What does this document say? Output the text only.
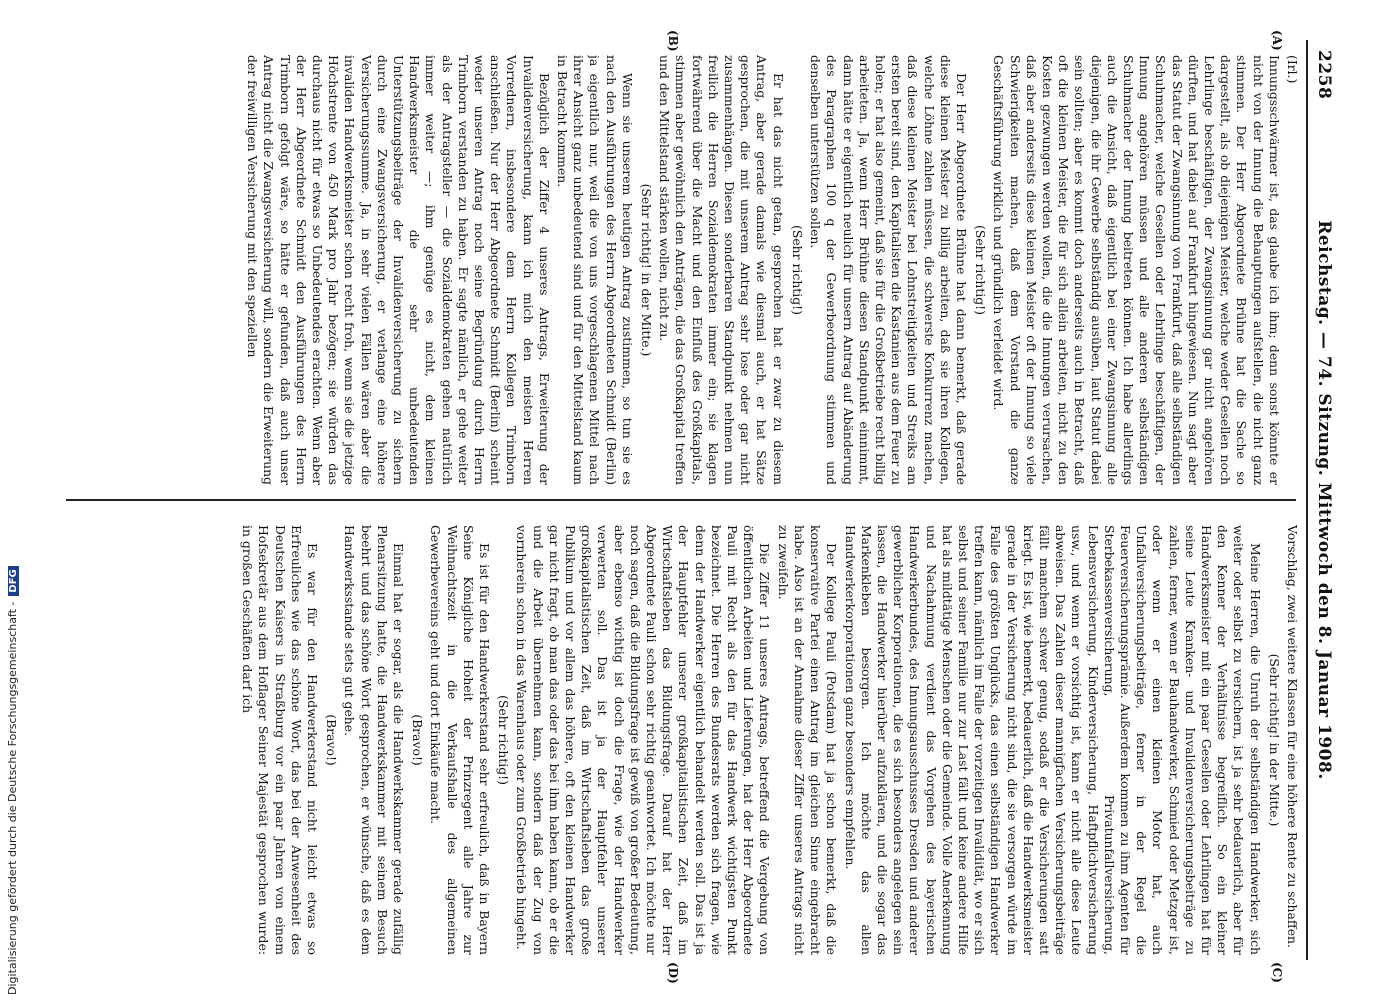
2258
Reichstag. — 74. Sitzung. Mittwoch den 8. Januar 1908.
(A)
(B)
(C)
(D)

(Irl.)

Innungsschwärmer ist, das glaube ich ihm; denn sonst könnte er nicht von der Innung die Behauptungen aufstellen, die nicht ganz stimmen. Der Herr Abgeordnete Brühne hat die Sache so dargestellt, als ob diejenigen Meister, welche weder Gesellen noch Lehrlinge beschäftigen, der Zwangsinnung gar nicht angehören dürften, und hat dabei auf Frankfurt hingewiesen. Nun sagt aber das Statut der Zwangsinnung von Frankfurt, daß alle selbständigen Schuhmacher, welche Gesellen oder Lehrlinge beschäftigen, der Innung angehören müssen und alle anderen selbständigen Schuhmacher der Innung beitreten können. Ich habe allerdings auch die Ansicht, daß eigentlich bei einer Zwangsinnung alle diejenigen, die ihr Gewerbe selbständig ausüben, laut Statut dabei sein sollten; aber es kommt doch anderseits auch in Betracht, daß oft die kleinen Meister, die für sich allein arbeiten, nicht zu den Kosten gezwungen werden wollen, die die Innungen verursachen, daß aber anderseits diese kleinen Meister oft der Innung so viele Schwierigkeiten machen, daß dem Vorstand die ganze Geschäftsführung wirklich und gründlich verleidet wird.

(Sehr richtig!)

Der Herr Abgeordnete Brühne hat dann bemerkt, daß gerade diese kleinen Meister zu billig arbeiten, daß sie ihren Kollegen, welche Löhne zahlen müssen, die schwerste Konkurrenz machen, daß diese kleinen Meister bei Lohnstreitigkeiten und Streiks am ersten bereit sind, den Kapitalisten die Kastanien aus dem Feuer zu holen; er hat also gemeint, daß sie für die Großbetriebe recht billig arbeiteten. Ja, wenn Herr Brühne diesen Standpunkt einnimmt, dann hätte er eigentlich neulich für unsern Antrag auf Abänderung des Paragraphen 100 q der Gewerbeordnung stimmen und denselben unterstützen sollen.

(Sehr richtig!)

Er hat das nicht getan, gesprochen hat er zwar zu diesem Antrag, aber gerade damals wie diesmal auch, er hat Sätze gesprochen, die mit unserem Antrag sehr lose oder gar nicht zusammenhängen. Diesen sonderbaren Standpunkt nehmen nun freilich die Herren Sozialdemokraten immer ein; sie klagen fortwährend über die Macht und den Einfluß des Großkapitals, stimmen aber gewöhnlich den Anträgen, die das Großkapital treffen und den Mittelstand stärken wollen, nicht zu.

(Sehr richtig! in der Mitte.)

Wenn sie unserem heutigen Antrag zustimmen, so tun sie es nach den Ausführungen des Herrn Abgeordneten Schmidt (Berlin) ja eigentlich nur, weil die von uns vorgeschlagenen Mittel nach ihrer Ansicht ganz unbedeutend sind und für den Mittelstand kaum in Betracht kommen.

Bezüglich der Ziffer 4 unseres Antrags, Erweiterung der Invalidenversicherung, kann ich mich den meisten Herren Vorrednern, insbesondere dem Herrn Kollegen Trimborn anschließen. Nur der Herr Abgeordnete Schmidt (Berlin) scheint weder unseren Antrag noch seine Begründung durch Herrn Trimborn verstanden zu haben. Er sagte nämlich, er gehe weiter als der Antragsteller — die Sozialdemokraten gehen natürlich immer weiter —; ihm genüge es nicht, dem kleinen Handwerksmeister die sehr unbedeutenden Unterstützungsbeiträge der Invalidenversicherung zu sichern durch eine Zwangsversicherung, er verlange eine höhere Versicherungssumme. Ja, in sehr vielen Fällen wären aber die invaliden Handwerksmeister schon recht froh, wenn sie die jetzige Höchstrente von 450 Mark pro Jahr bezögen; sie würden das durchaus nicht für etwas so Unbedeutendes erachten. Wenn aber der Herr Abgeordnete Schmidt den Ausführungen des Herrn Trimborn gefolgt wäre, so hätte er gefunden, daß auch unser Antrag nicht die Zwangsversicherung will, sondern die Erweiterung der freiwilligen Versicherung mit den speziellen

Vorschlag, zwei weitere Klassen für eine höhere Rente zu schaffen.

(Sehr richtig! in der Mitte.)

Meine Herren, die Unruh der selbständigen Handwerker, sich weiter oder selbst zu versichern, ist ja sehr bedauerlich, aber für den Kenner der Verhältnisse begreiflich. So ein kleiner Handwerksmeister mit ein paar Gesellen oder Lehrlingen hat für seine Leute Kranken- und Invalidenversicherungsbeiträge zu zahlen, ferner, wenn er Bauhandwerker, Schmied oder Metzger ist, oder wenn er einen kleinen Motor hat, auch Unfallversicherungsbeiträge, ferner in der Regel die Feuerversicherungsprämie. Außerdem kommen zu ihm Agenten für Sterbekassenversicherung, Privatunfallversicherung, Lebensversicherung, Kinderversicherung, Haftpflichtversicherung usw., und wenn er vorsichtig ist, kann er nicht alle diese Leute abweisen. Das Zahlen dieser mannigfachen Versicherungsbeiträge fällt manchem schwer genug, sodaß er die Versicherungen satt kriegt. Es ist, wie bemerkt, bedauerlich, daß die Handwerksmeister gerade in der Versicherung nicht sind, die sie versorgen würde im Falle des größten Unglücks, das einen selbständigen Handwerker treffen kann, nämlich im Falle der vorzeitigen Invalidität, wo er sich selbst und seiner Familie nur zur Last fällt und keine andere Hilfe hat als mildtätige Menschen oder die Gemeinde. Volle Anerkennung und Nachahmung verdient das Vorgehen des bayerischen Handwerkerbundes, des Innungsausschusses Dresden und anderer gewerblicher Korporationen, die es sich besonders angelegen sein lassen, die Handwerker hierüber aufzuklären, und die sogar das Markenkleben besorgen. Ich möchte das allen Handwerkerkorporationen ganz besonders empfehlen.

Der Kollege Pauli (Potsdam) hat ja schon bemerkt, daß die konservative Partei einen Antrag im gleichen Sinne eingebracht habe. Also ist an der Annahme dieser Ziffer unseres Antrags nicht zu zweifeln.

Die Ziffer 11 unseres Antrags, betreffend die Vergebung von öffentlichen Arbeiten und Lieferungen, hat der Herr Abgeordnete Pauli mit Recht als den für das Handwerk wichtigsten Punkt bezeichnet. Die Herren des Bundesrats werden sich fragen, wie denn der Handwerker eigentlich behandelt werden soll. Das ist ja der Hauptfehler unserer großkapitalistischen Zeit, daß im Wirtschaftsleben das Bildungsfrage. Darauf hat der Herr Abgeordnete Pauli schon sehr richtig geantwortet. Ich möchte nur noch sagen, daß die Bildungsfrage ist gewiß von großer Bedeutung, aber ebenso wichtig ist doch die Frage, wie der Handwerker verwerten soll. Das ist ja der Hauptfehler unserer großkapitalistischen Zeit, daß im Wirtschaftsleben das große Publikum und vor allem das höhere, oft den kleinen Handwerker gar nicht fragt, ob man das oder das bei ihm haben kann, ob er die und die Arbeit übernehmen kann, sondern daß der Zug von vornherein schon in das Warenhaus oder zum Großbetrieb hingeht.

(Sehr richtig!)

Es ist für den Handwerkerstand sehr erfreulich, daß in Bayern Seine Königliche Hoheit der Prinzregent alle Jahre zur Weihnachtszeit in die Verkaufshalle des allgemeinen Gewerbevereins geht und dort Einkäufe macht.

(Bravo!)

Einmal hat er sogar, als die Handwerkskammer gerade zufällig Plenarsitzung hatte, die Handwerkskammer mit seinem Besuch beehrt und das schöne Wort gesprochen, er wünsche, daß es dem Handwerksstande stets gut gehe.

(Bravo!)

Es war für den Handwerkerstand nicht leicht etwas so Erfreuliches wie das schöne Wort, das bei der Anwesenheit des Deutschen Kaisers in Straßburg vor ein paar Jahren von einem Hofsekretär aus dem Hoflager Seiner Majestät gesprochen wurde: in großen Geschäften darf ich

Digitalisierung gefördert durch die Deutsche Forschungsgemeinschaft -DFG
